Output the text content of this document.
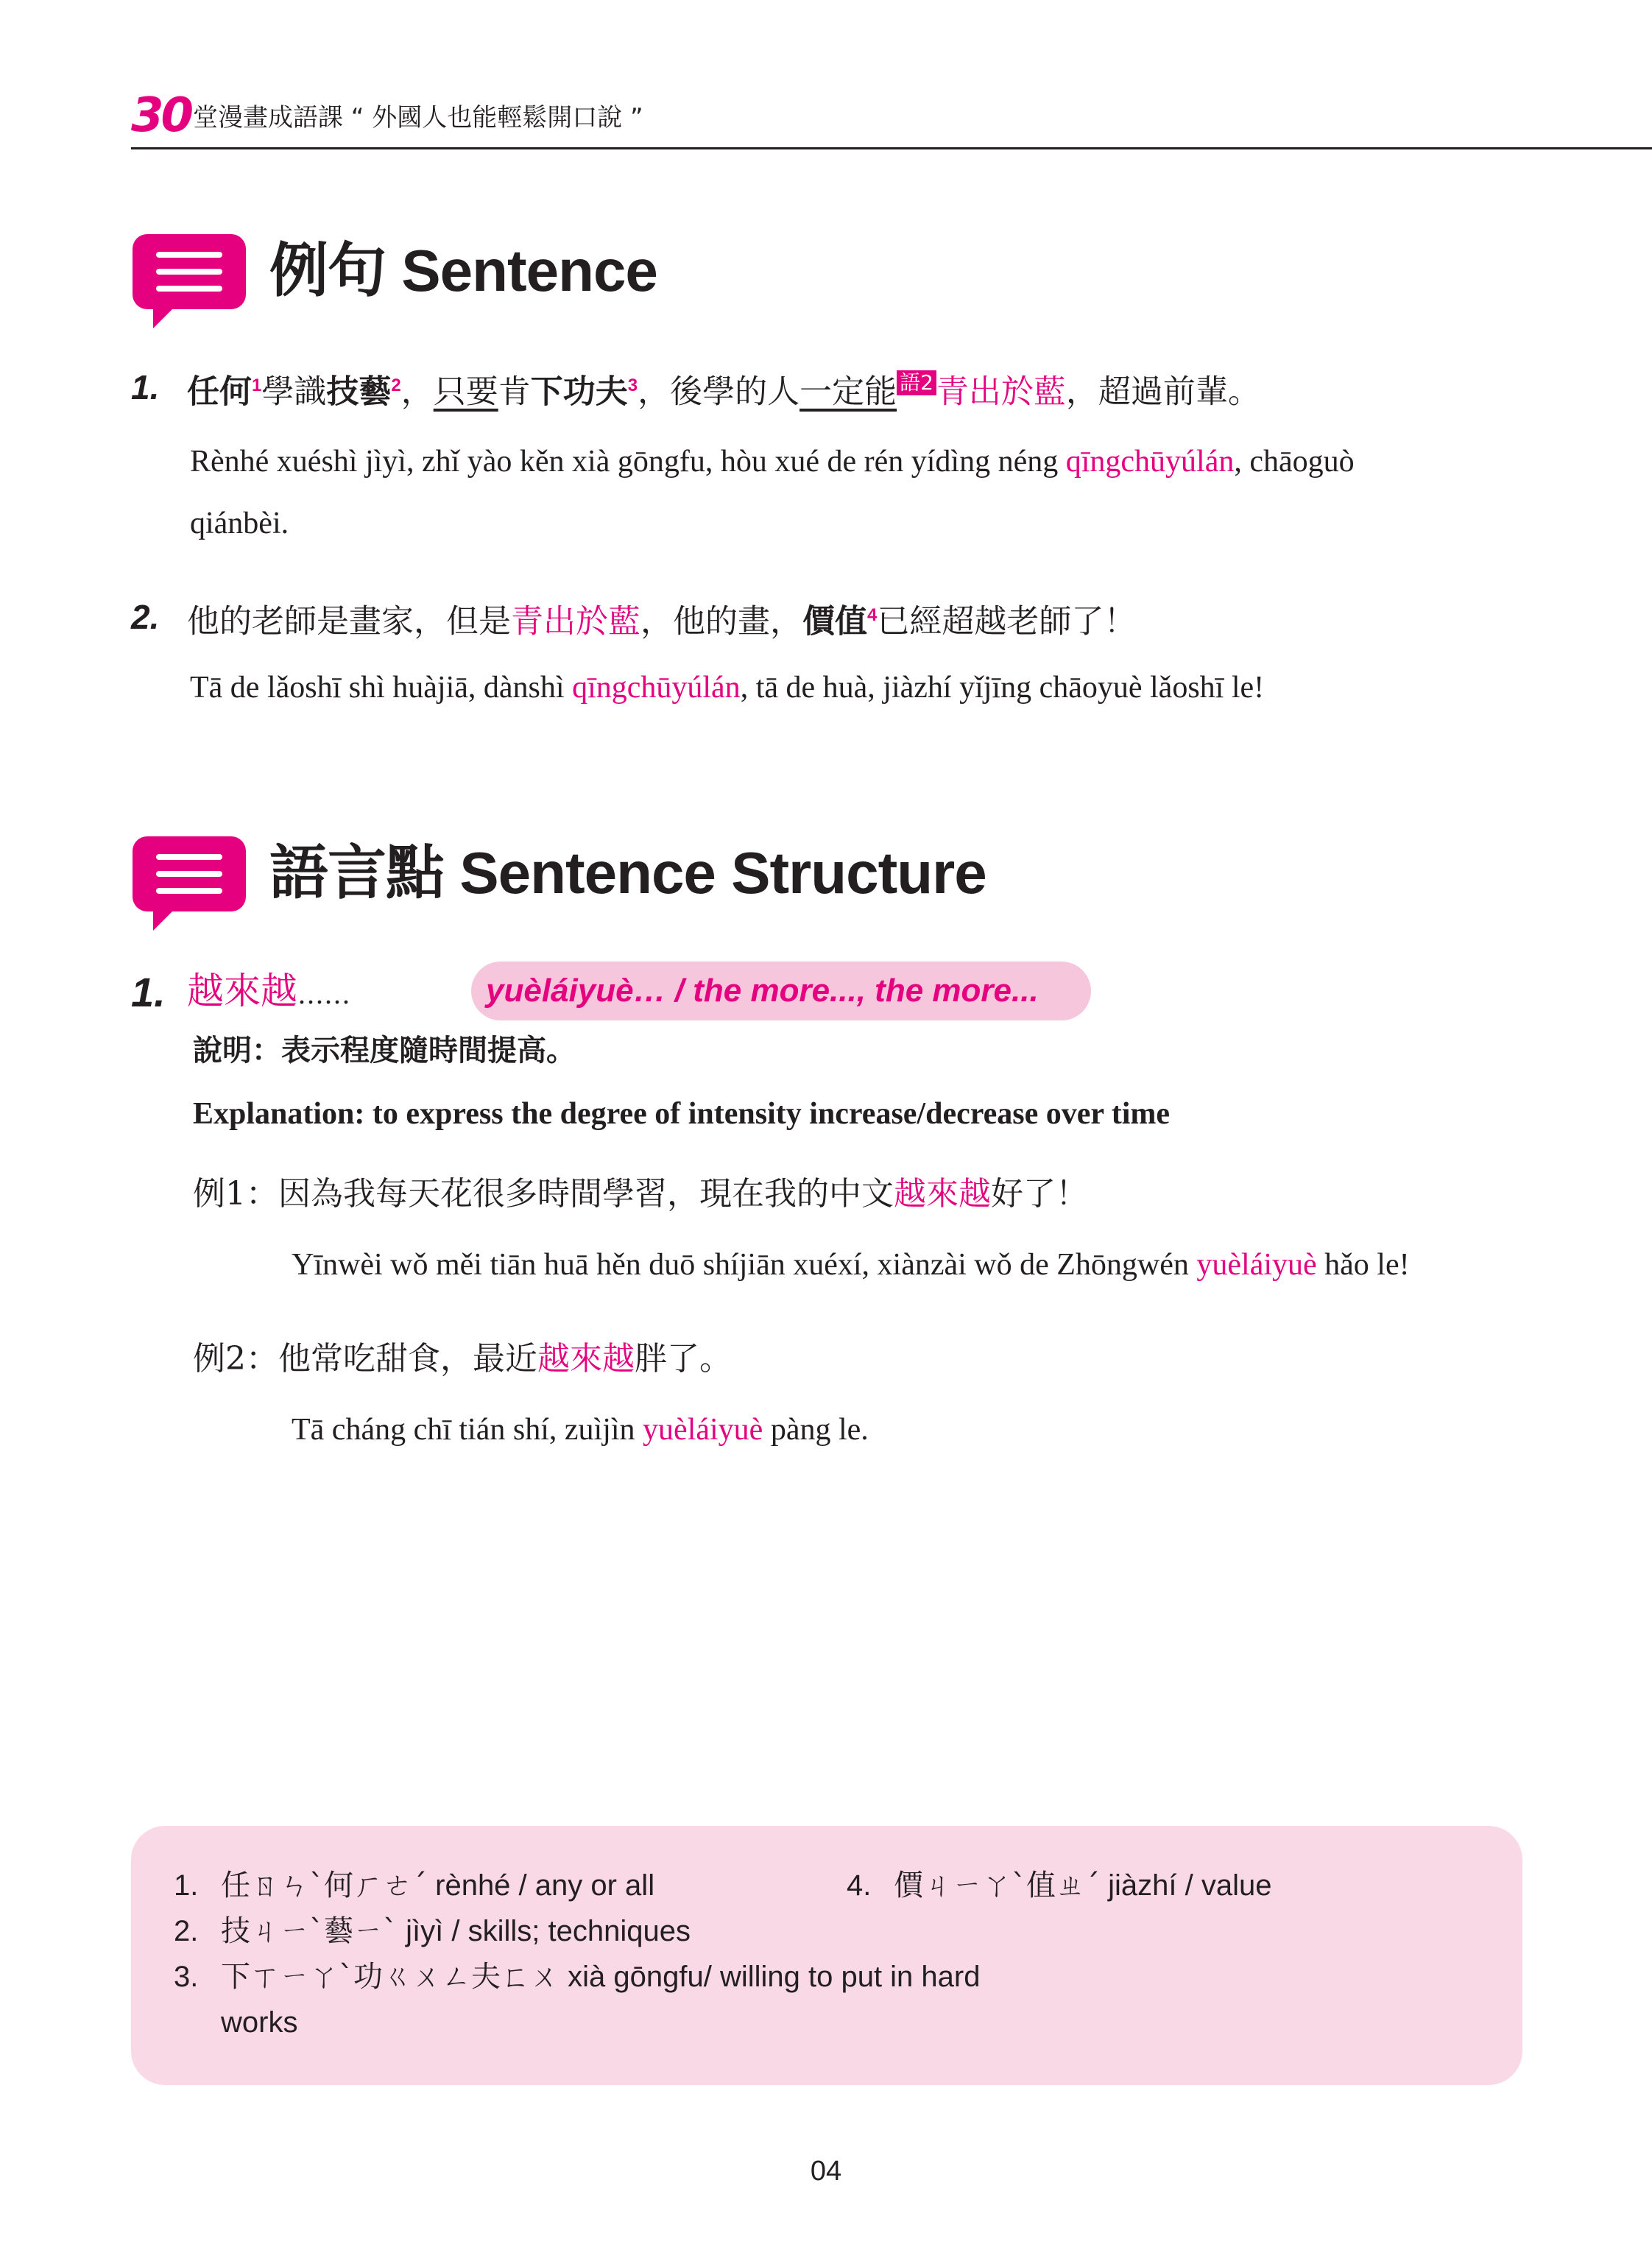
30 堂漫畫成語課 “ 外國人也能輕鬆開口說 ”
例句 Sentence
1. 任何$^1$學識技藝$^2$，只要肯下功夫$^3$，後學的人一定能 語2青出於藍，超過前輩。
Rènhé xuéshì jìyì, zhǐ yào kěn xià gōngfu, hòu xué de rén yídìng néng qīngchūyúlán, chāoguò
qiánbèi.
2. 他的老師是畫家，但是青出於藍，他的畫，價值$^4$已經超越老師了！
Tā de lǎoshī shì huàjiā, dànshì qīngchūyúlán, tā de huà, jiàzhí yǐjīng chāoyuè lǎoshī le!
語言點 Sentence Structure
1. 越來越……	yuèláiyuè… / the more..., the more...
說明：表示程度隨時間提高。
Explanation: to express the degree of intensity increase/decrease over time
例1：因為我每天花很多時間學習，現在我的中文越來越好了！
Yīnwèi wǒ měi tiān huā hěn duō shíjiān xuéxí, xiànzài wǒ de Zhōngwén yuèláiyuè hǎo le!
例2：他常吃甜食，最近越來越胖了。
Tā cháng chī tián shí, zuìjìn yuèláiyuè pàng le.
1. 任ㄖㄣˋ何ㄏㄜˊ rènhé / any or all
2. 技ㄐㄧˋ藝ㄧˋ jìyì / skills; techniques
3. 下ㄒㄧㄚˋ功ㄍㄨㄥ夫ㄈㄨ xià gōngfu/ willing to put in hard
works
4. 價ㄐㄧㄚˋ值ㄓˊ jiàzhí / value
04
